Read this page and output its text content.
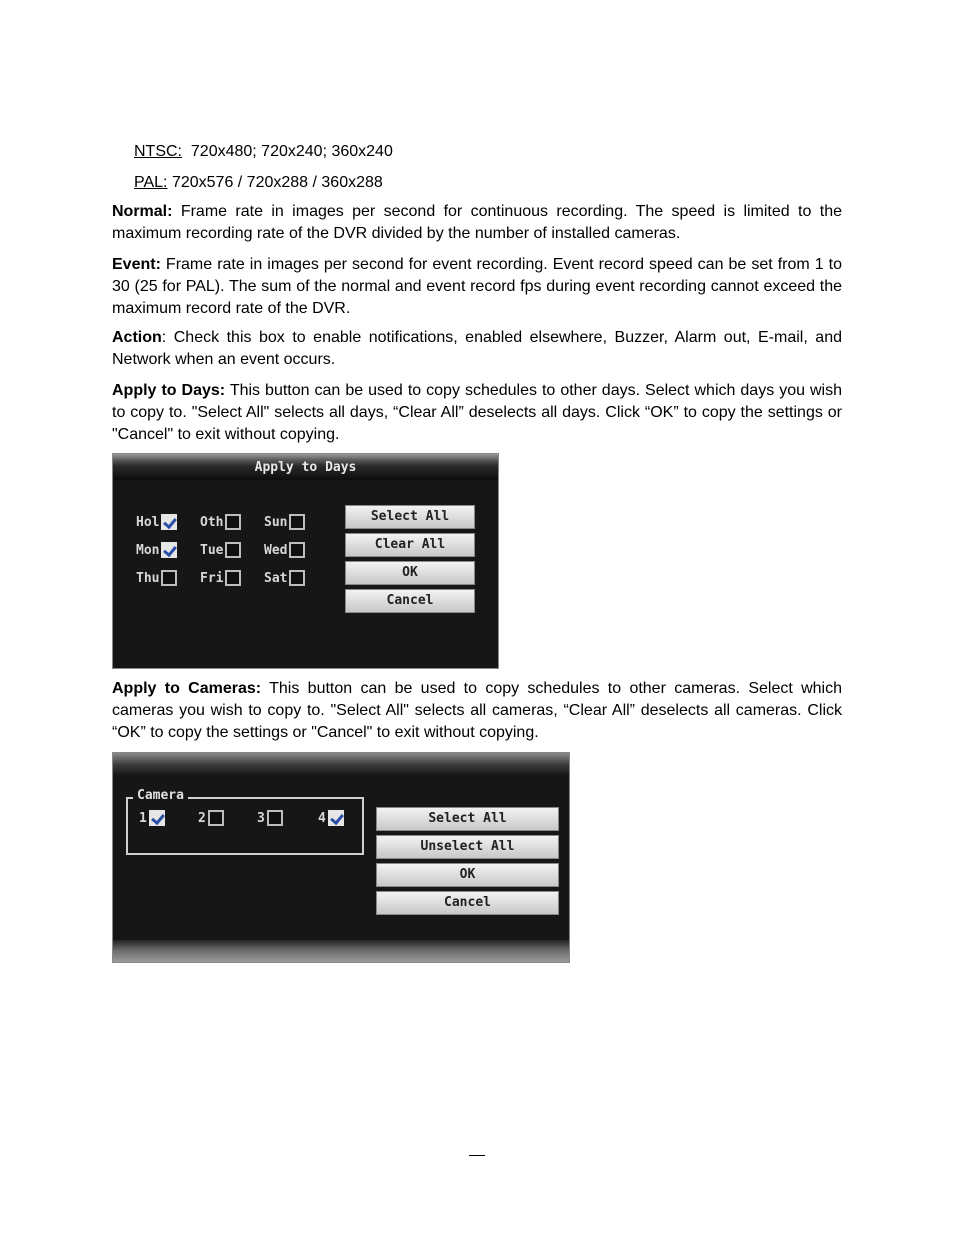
NTSC: 720x480; 720x240; 360x240
PAL: 720x576 / 720x288 / 360x288
Normal: Frame rate in images per second for continuous recording. The speed is limited to the maximum recording rate of the DVR divided by the number of installed cameras.
Event: Frame rate in images per second for event recording. Event record speed can be set from 1 to 30 (25 for PAL). The sum of the normal and event record fps during event recording cannot exceed the maximum record rate of the DVR.
Action: Check this box to enable notifications, enabled elsewhere, Buzzer, Alarm out, E-mail, and Network when an event occurs.
Apply to Days: This button can be used to copy schedules to other days. Select which days you wish to copy to. "Select All" selects all days, “Clear All” deselects all days. Click “OK” to copy the settings or "Cancel" to exit without copying.
Apply to Days
Hol	Oth	Sun
Mon	Tue	Wed
Thu	Fri	Sat
Select All
Clear All
OK
Cancel
Apply to Cameras: This button can be used to copy schedules to other cameras. Select which cameras you wish to copy to. "Select All" selects all cameras, “Clear All” deselects all cameras. Click “OK” to copy the settings or "Cancel" to exit without copying.
Camera
1	2	3	4	Select All
Unselect All
OK
Cancel
